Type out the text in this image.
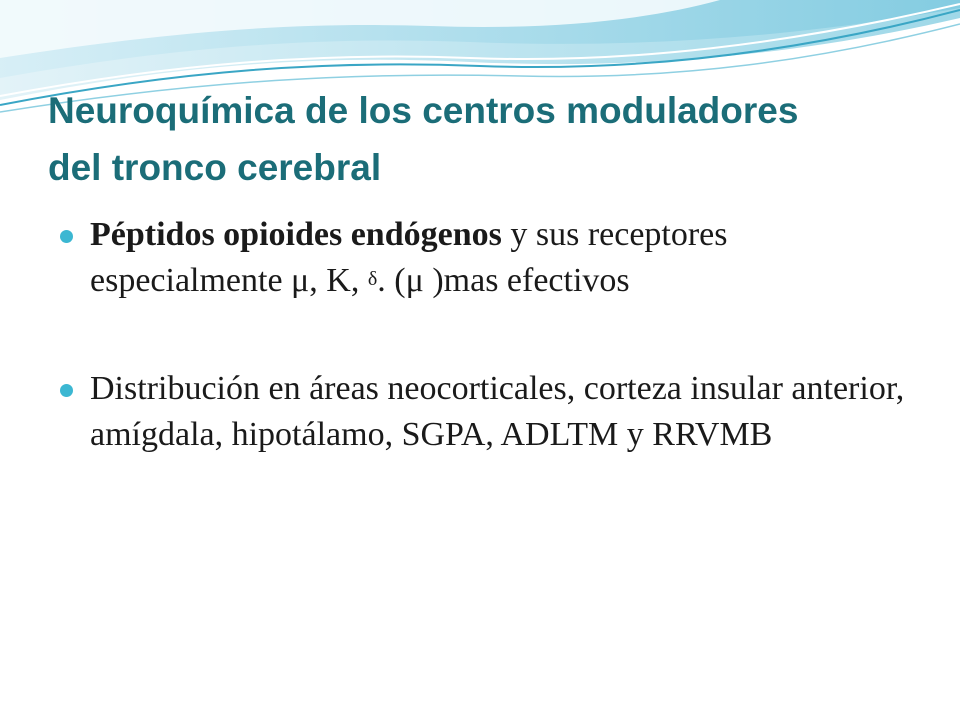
Neuroquímica de los centros moduladores
del tronco cerebral
Péptidos opioides endógenos y sus receptores especialmente μ, K, $^\delta$. (μ )mas efectivos
Distribución en áreas neocorticales, corteza insular anterior, amígdala, hipotálamo, SGPA, ADLTM y RRVMB
